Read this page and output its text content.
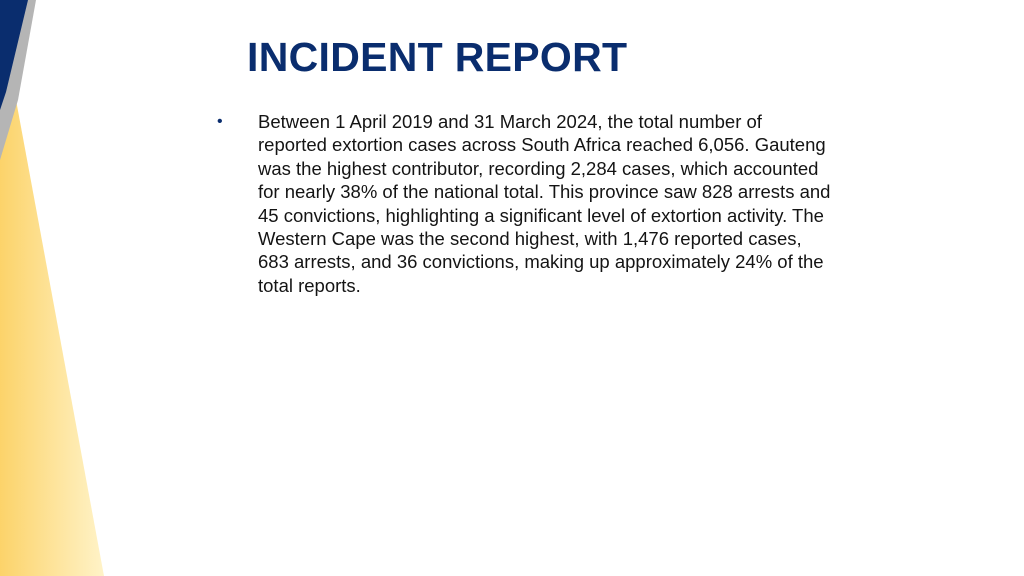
INCIDENT REPORT
•	Between 1 April 2019 and 31 March 2024, the total number of reported extortion cases across South Africa reached 6,056. Gauteng was the highest contributor, recording 2,284 cases, which accounted for nearly 38% of the national total. This province saw 828 arrests and 45 convictions, highlighting a significant level of extortion activity. The Western Cape was the second highest, with 1,476 reported cases, 683 arrests, and 36 convictions, making up approximately 24% of the total reports.
